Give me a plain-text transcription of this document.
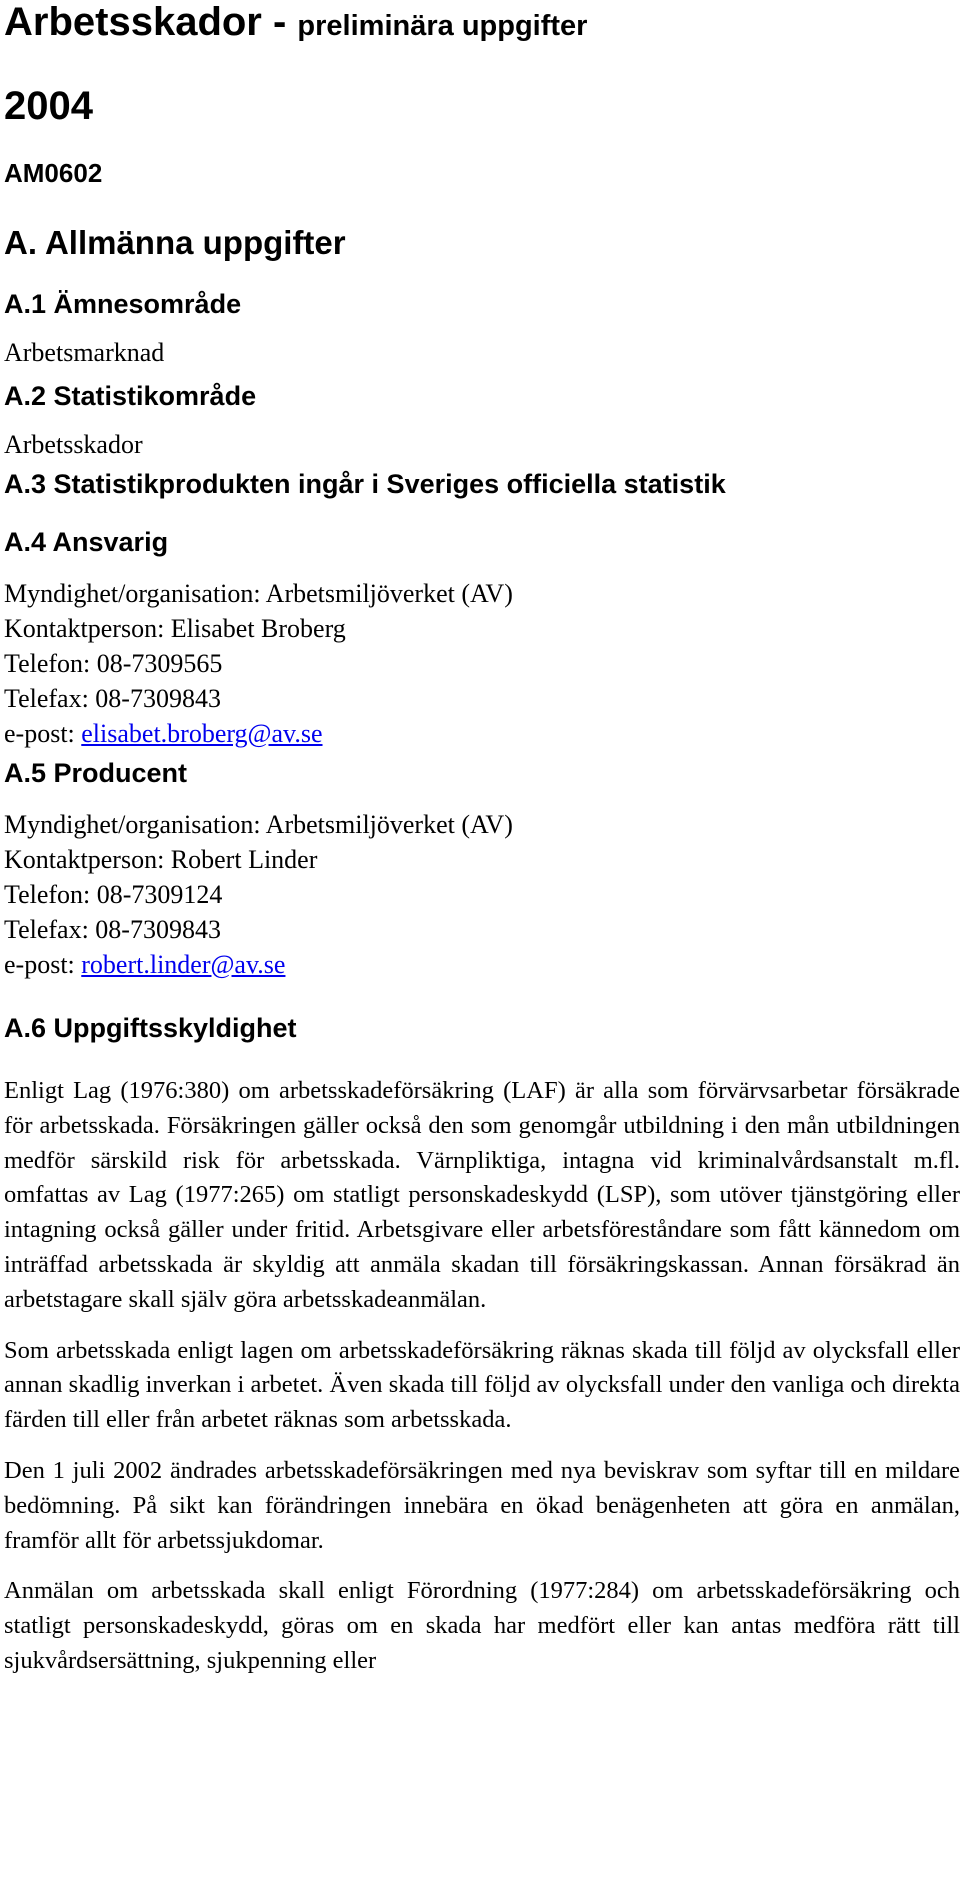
Arbetsskador - preliminära uppgifter
2004
AM0602
A. Allmänna uppgifter
A.1 Ämnesområde
Arbetsmarknad
A.2 Statistikområde
Arbetsskador
A.3 Statistikprodukten ingår i Sveriges officiella statistik
A.4 Ansvarig
Myndighet/organisation: Arbetsmiljöverket (AV)
Kontaktperson: Elisabet Broberg
Telefon: 08-7309565
Telefax: 08-7309843
e-post: elisabet.broberg@av.se
A.5 Producent
Myndighet/organisation: Arbetsmiljöverket (AV)
Kontaktperson: Robert Linder
Telefon: 08-7309124
Telefax: 08-7309843
e-post: robert.linder@av.se
A.6 Uppgiftsskyldighet

Enligt Lag (1976:380) om arbetsskadeförsäkring (LAF) är alla som förvärvsarbetar försäkrade för arbetsskada. Försäkringen gäller också den som genomgår utbildning i den mån utbildningen medför särskild risk för arbetsskada. Värnpliktiga, intagna vid kriminalvårdsanstalt m.fl. omfattas av Lag (1977:265) om statligt personskadeskydd (LSP), som utöver tjänstgöring eller intagning också gäller under fritid. Arbetsgivare eller arbetsföreståndare som fått kännedom om inträffad arbetsskada är skyldig att anmäla skadan till försäkringskassan. Annan försäkrad än arbetstagare skall själv göra arbetsskadeanmälan.

Som arbetsskada enligt lagen om arbetsskadeförsäkring räknas skada till följd av olycksfall eller annan skadlig inverkan i arbetet. Även skada till följd av olycksfall under den vanliga och direkta färden till eller från arbetet räknas som arbetsskada.

Den 1 juli 2002 ändrades arbetsskadeförsäkringen med nya beviskrav som syftar till en mildare bedömning. På sikt kan förändringen innebära en ökad benägenheten att göra en anmälan, framför allt för arbetssjukdomar.

Anmälan om arbetsskada skall enligt Förordning (1977:284) om arbetsskadeförsäkring och statligt personskadeskydd, göras om en skada har medfört eller kan antas medföra rätt till sjukvårdsersättning, sjukpenning eller
